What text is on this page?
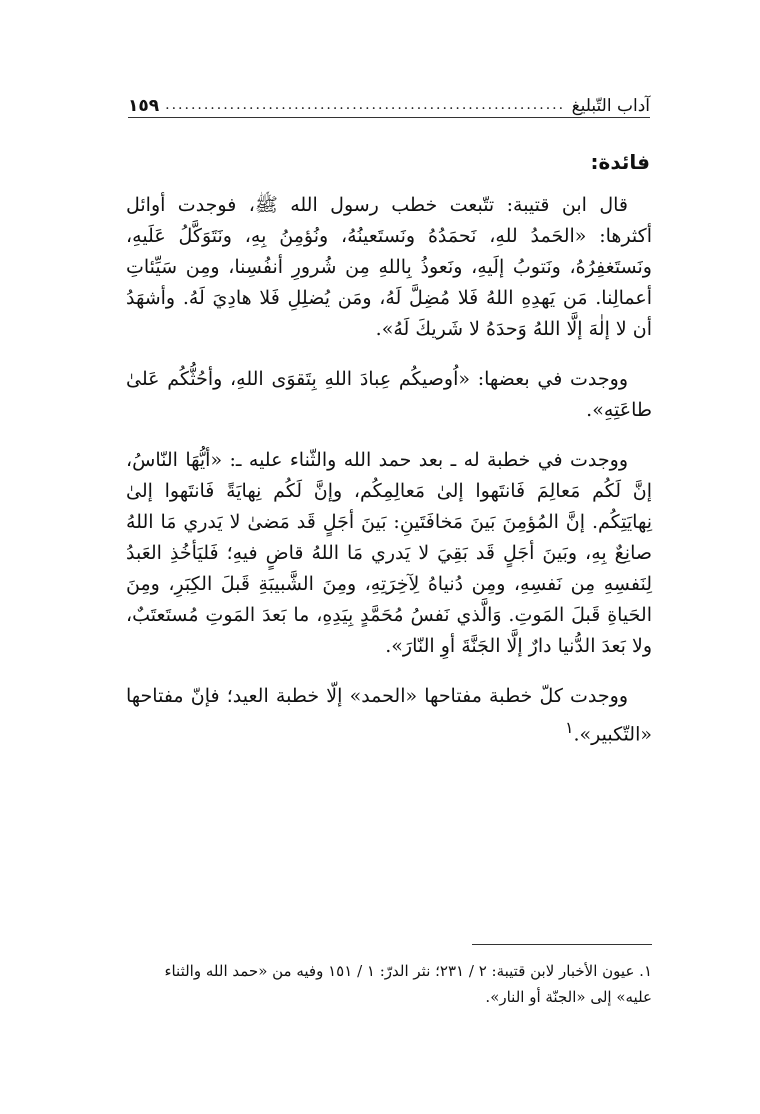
آداب التّبليغ
.....
١٥٩
فائدة:

قال ابن قتيبة: تتّبعت خطب رسول الله ﷺ، فوجدت أوائل أكثرها: «الحَمدُ للهِ، نَحمَدُهُ ونَستَعينُهُ، ونُؤمِنُ بِهِ، ونَتَوَكَّلُ عَلَيهِ، ونَستَغفِرُهُ، ونَتوبُ إلَيهِ، ونَعوذُ بِاللهِ مِن شُرورِ أنفُسِنا، ومِن سَيِّئاتِ أعمالِنا. مَن يَهدِهِ اللهُ فَلا مُضِلَّ لَهُ، ومَن يُضلِلِ فَلا هادِيَ لَهُ. وأشهَدُ أن لا إلٰهَ إلَّا اللهُ وَحدَهُ لا شَريكَ لَهُ».

ووجدت في بعضها: «اُوصيكُم عِبادَ اللهِ بِتَقوَى اللهِ، وأحُثُّكُم عَلىٰ طاعَتِهِ».

ووجدت في خطبة له ـ بعد حمد الله والثّناء عليه ـ: «أيُّهَا النّاسُ، إنَّ لَكُم مَعالِمَ فَانتَهوا إلىٰ مَعالِمِكُم، وإنَّ لَكُم نِهايَةً فَانتَهوا إلىٰ نِهايَتِكُم. إنَّ المُؤمِنَ بَينَ مَخافَتَينِ: بَينَ أجَلٍ قَد مَضىٰ لا يَدري مَا اللهُ صانِعٌ بِهِ، وبَينَ أجَلٍ قَد بَقِيَ لا يَدري مَا اللهُ قاضٍ فيهِ؛ فَليَأخُذِ العَبدُ لِنَفسِهِ مِن نَفسِهِ، ومِن دُنياهُ لِآخِرَتِهِ، ومِنَ الشَّبيبَةِ قَبلَ الكِبَرِ، ومِنَ الحَياةِ قَبلَ المَوتِ. وَالَّذي نَفسُ مُحَمَّدٍ بِيَدِهِ، ما بَعدَ المَوتِ مُستَعتَبٌ، ولا بَعدَ الدُّنيا دارٌ إلَّا الجَنَّةَ أوِ النّارَ».

ووجدت كلّ خطبة مفتاحها «الحمد» إلّا خطبة العيد؛ فإنّ مفتاحها «التّكبير».$^١$

١. عيون الأخبار لابن قتيبة: ٢ / ٢٣١؛ نثر الدرّ: ١ / ١٥١ وفيه من «حمد الله والثناء عليه» إلى «الجنّة أو النار».
